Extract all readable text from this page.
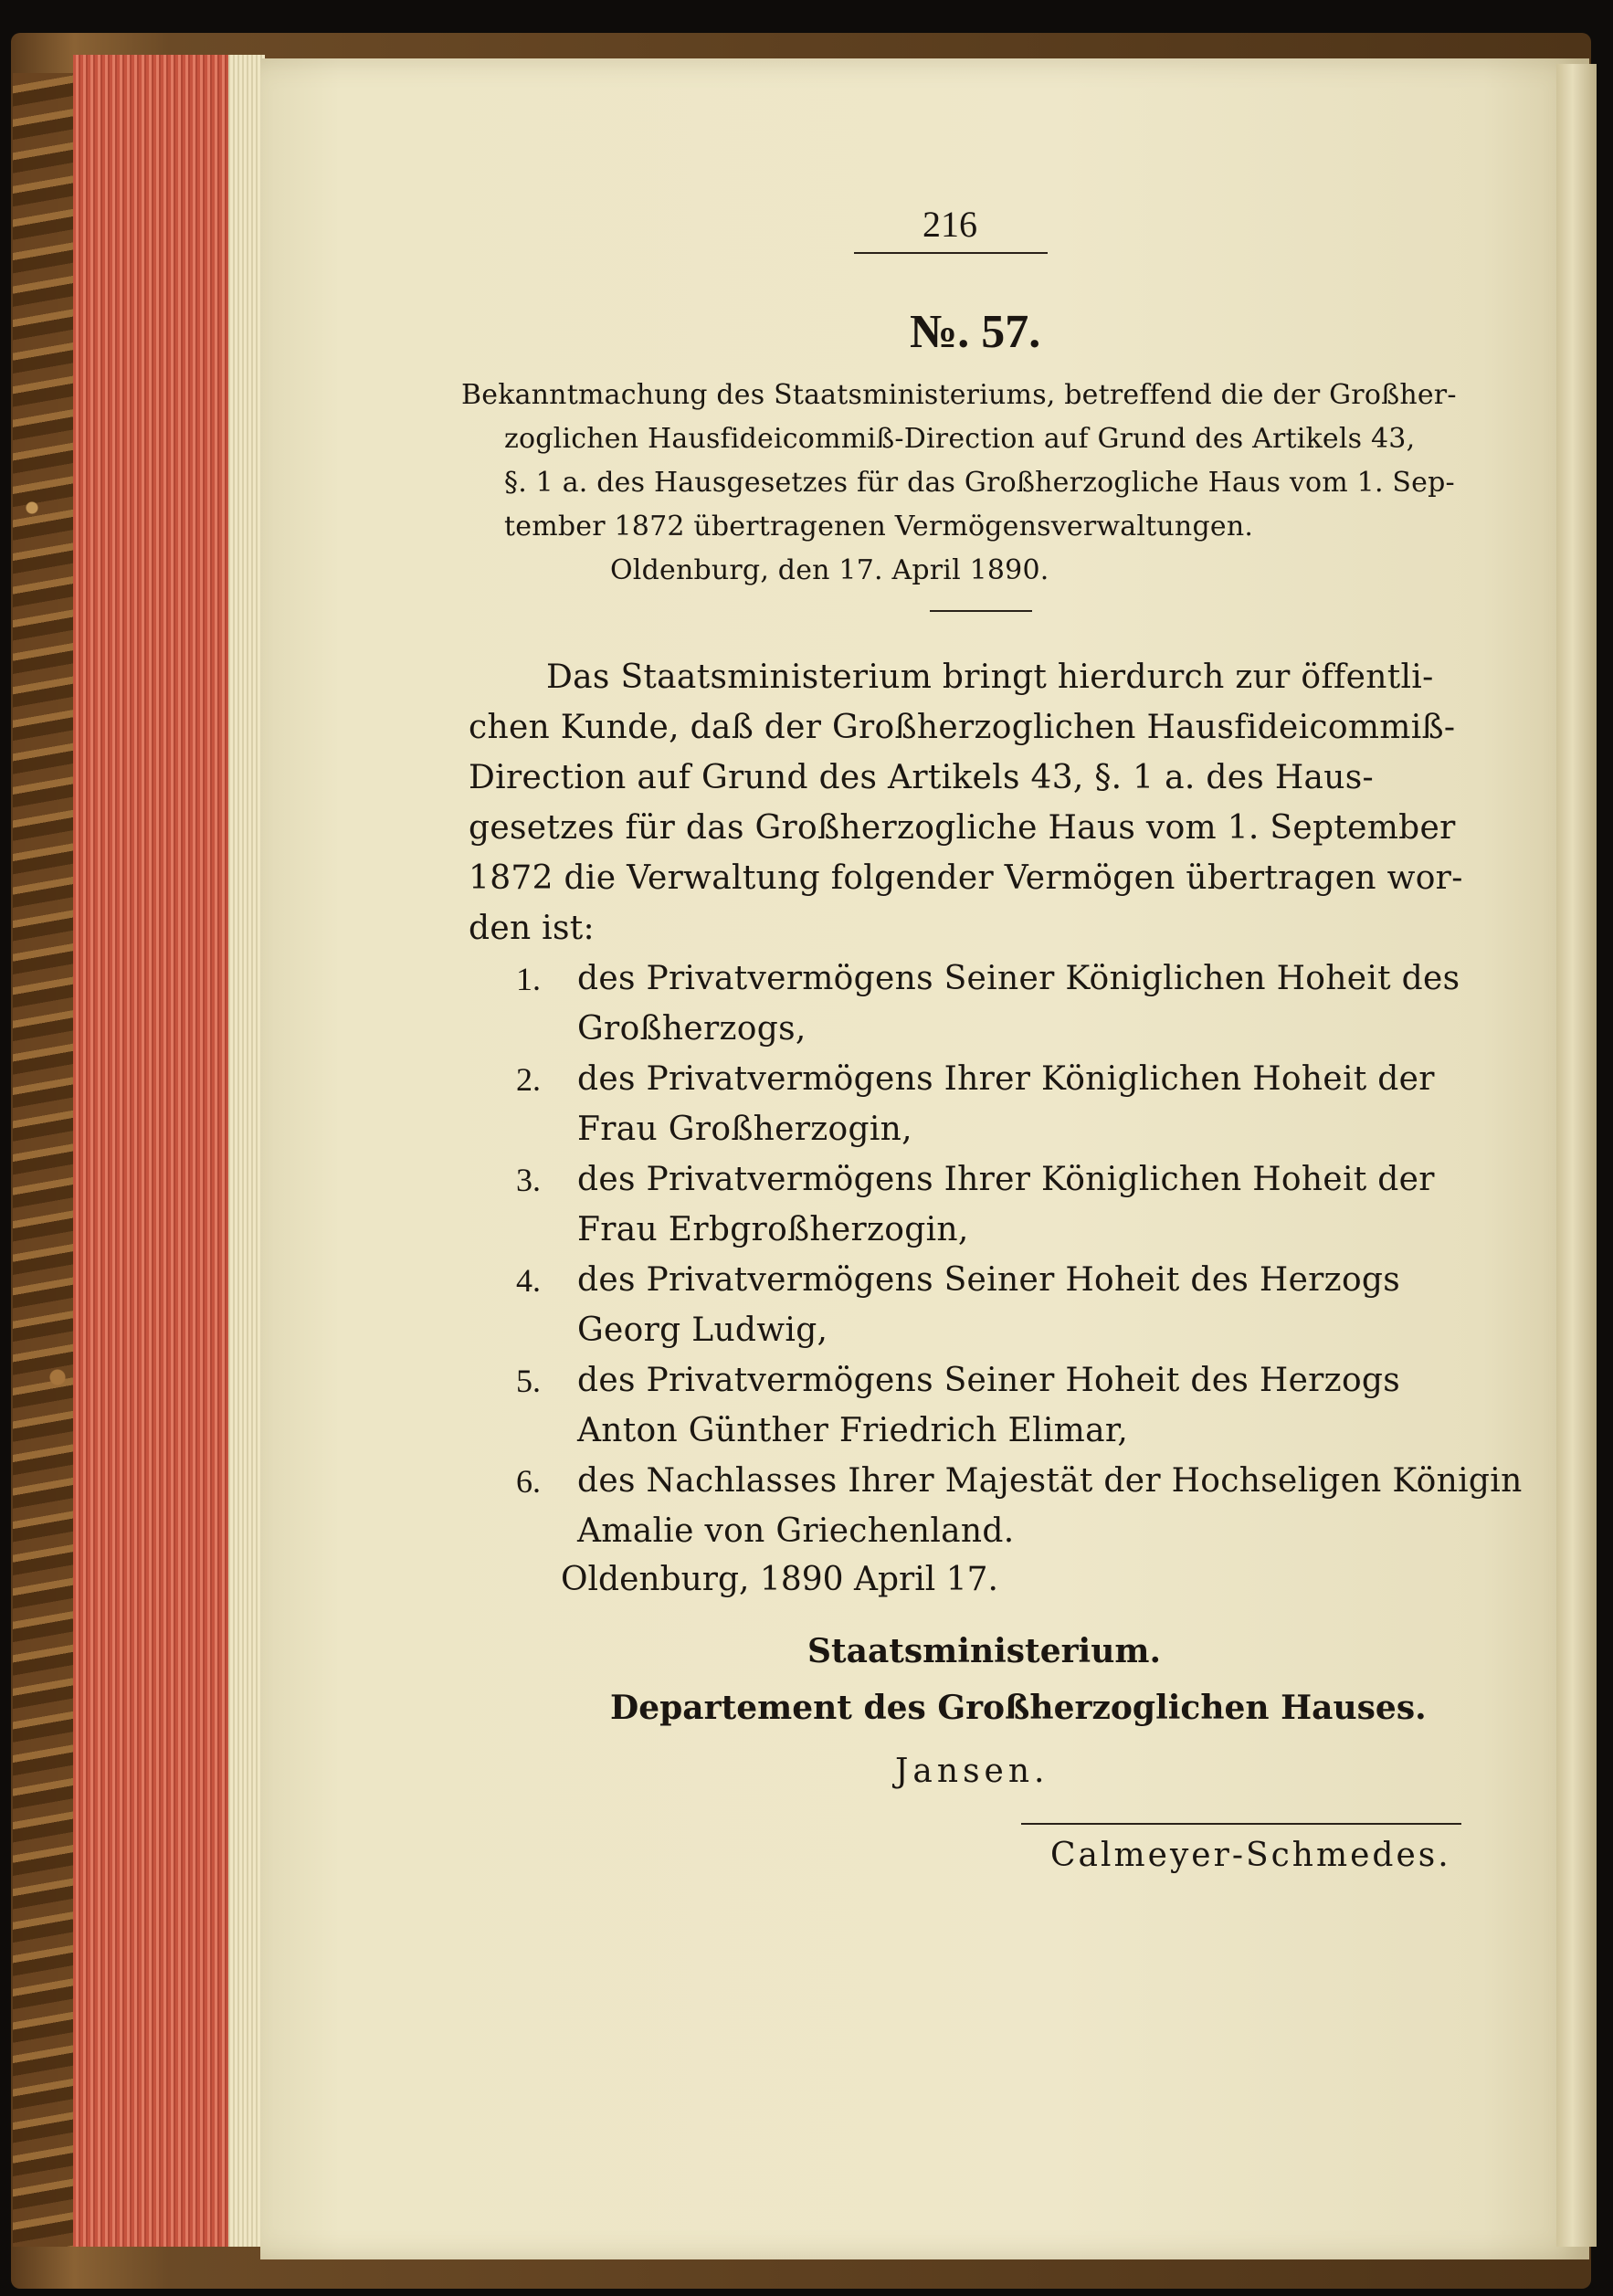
216
№. 57.
Bekanntmachung des Staatsministeriums, betreffend die der Großher-
zoglichen Hausfideicommiß-Direction auf Grund des Artikels 43,
§. 1 a. des Hausgesetzes für das Großherzogliche Haus vom 1. Sep-
tember 1872 übertragenen Vermögensverwaltungen.
Oldenburg, den 17. April 1890.
Das Staatsministerium bringt hierdurch zur öffentli-
chen Kunde, daß der Großherzoglichen Hausfideicommiß-
Direction auf Grund des Artikels 43, §. 1 a. des Haus-
gesetzes für das Großherzogliche Haus vom 1. September
1872 die Verwaltung folgender Vermögen übertragen wor-
den ist:
1. des Privatvermögens Seiner Königlichen Hoheit des
Großherzogs,
2. des Privatvermögens Ihrer Königlichen Hoheit der
Frau Großherzogin,
3. des Privatvermögens Ihrer Königlichen Hoheit der
Frau Erbgroßherzogin,
4. des Privatvermögens Seiner Hoheit des Herzogs
Georg Ludwig,
5. des Privatvermögens Seiner Hoheit des Herzogs
Anton Günther Friedrich Elimar,
6. des Nachlasses Ihrer Majestät der Hochseligen Königin
Amalie von Griechenland.
Oldenburg, 1890 April 17.
Staatsministerium.
Departement des Großherzoglichen Hauses.
Jansen.
Calmeyer-Schmedes.
